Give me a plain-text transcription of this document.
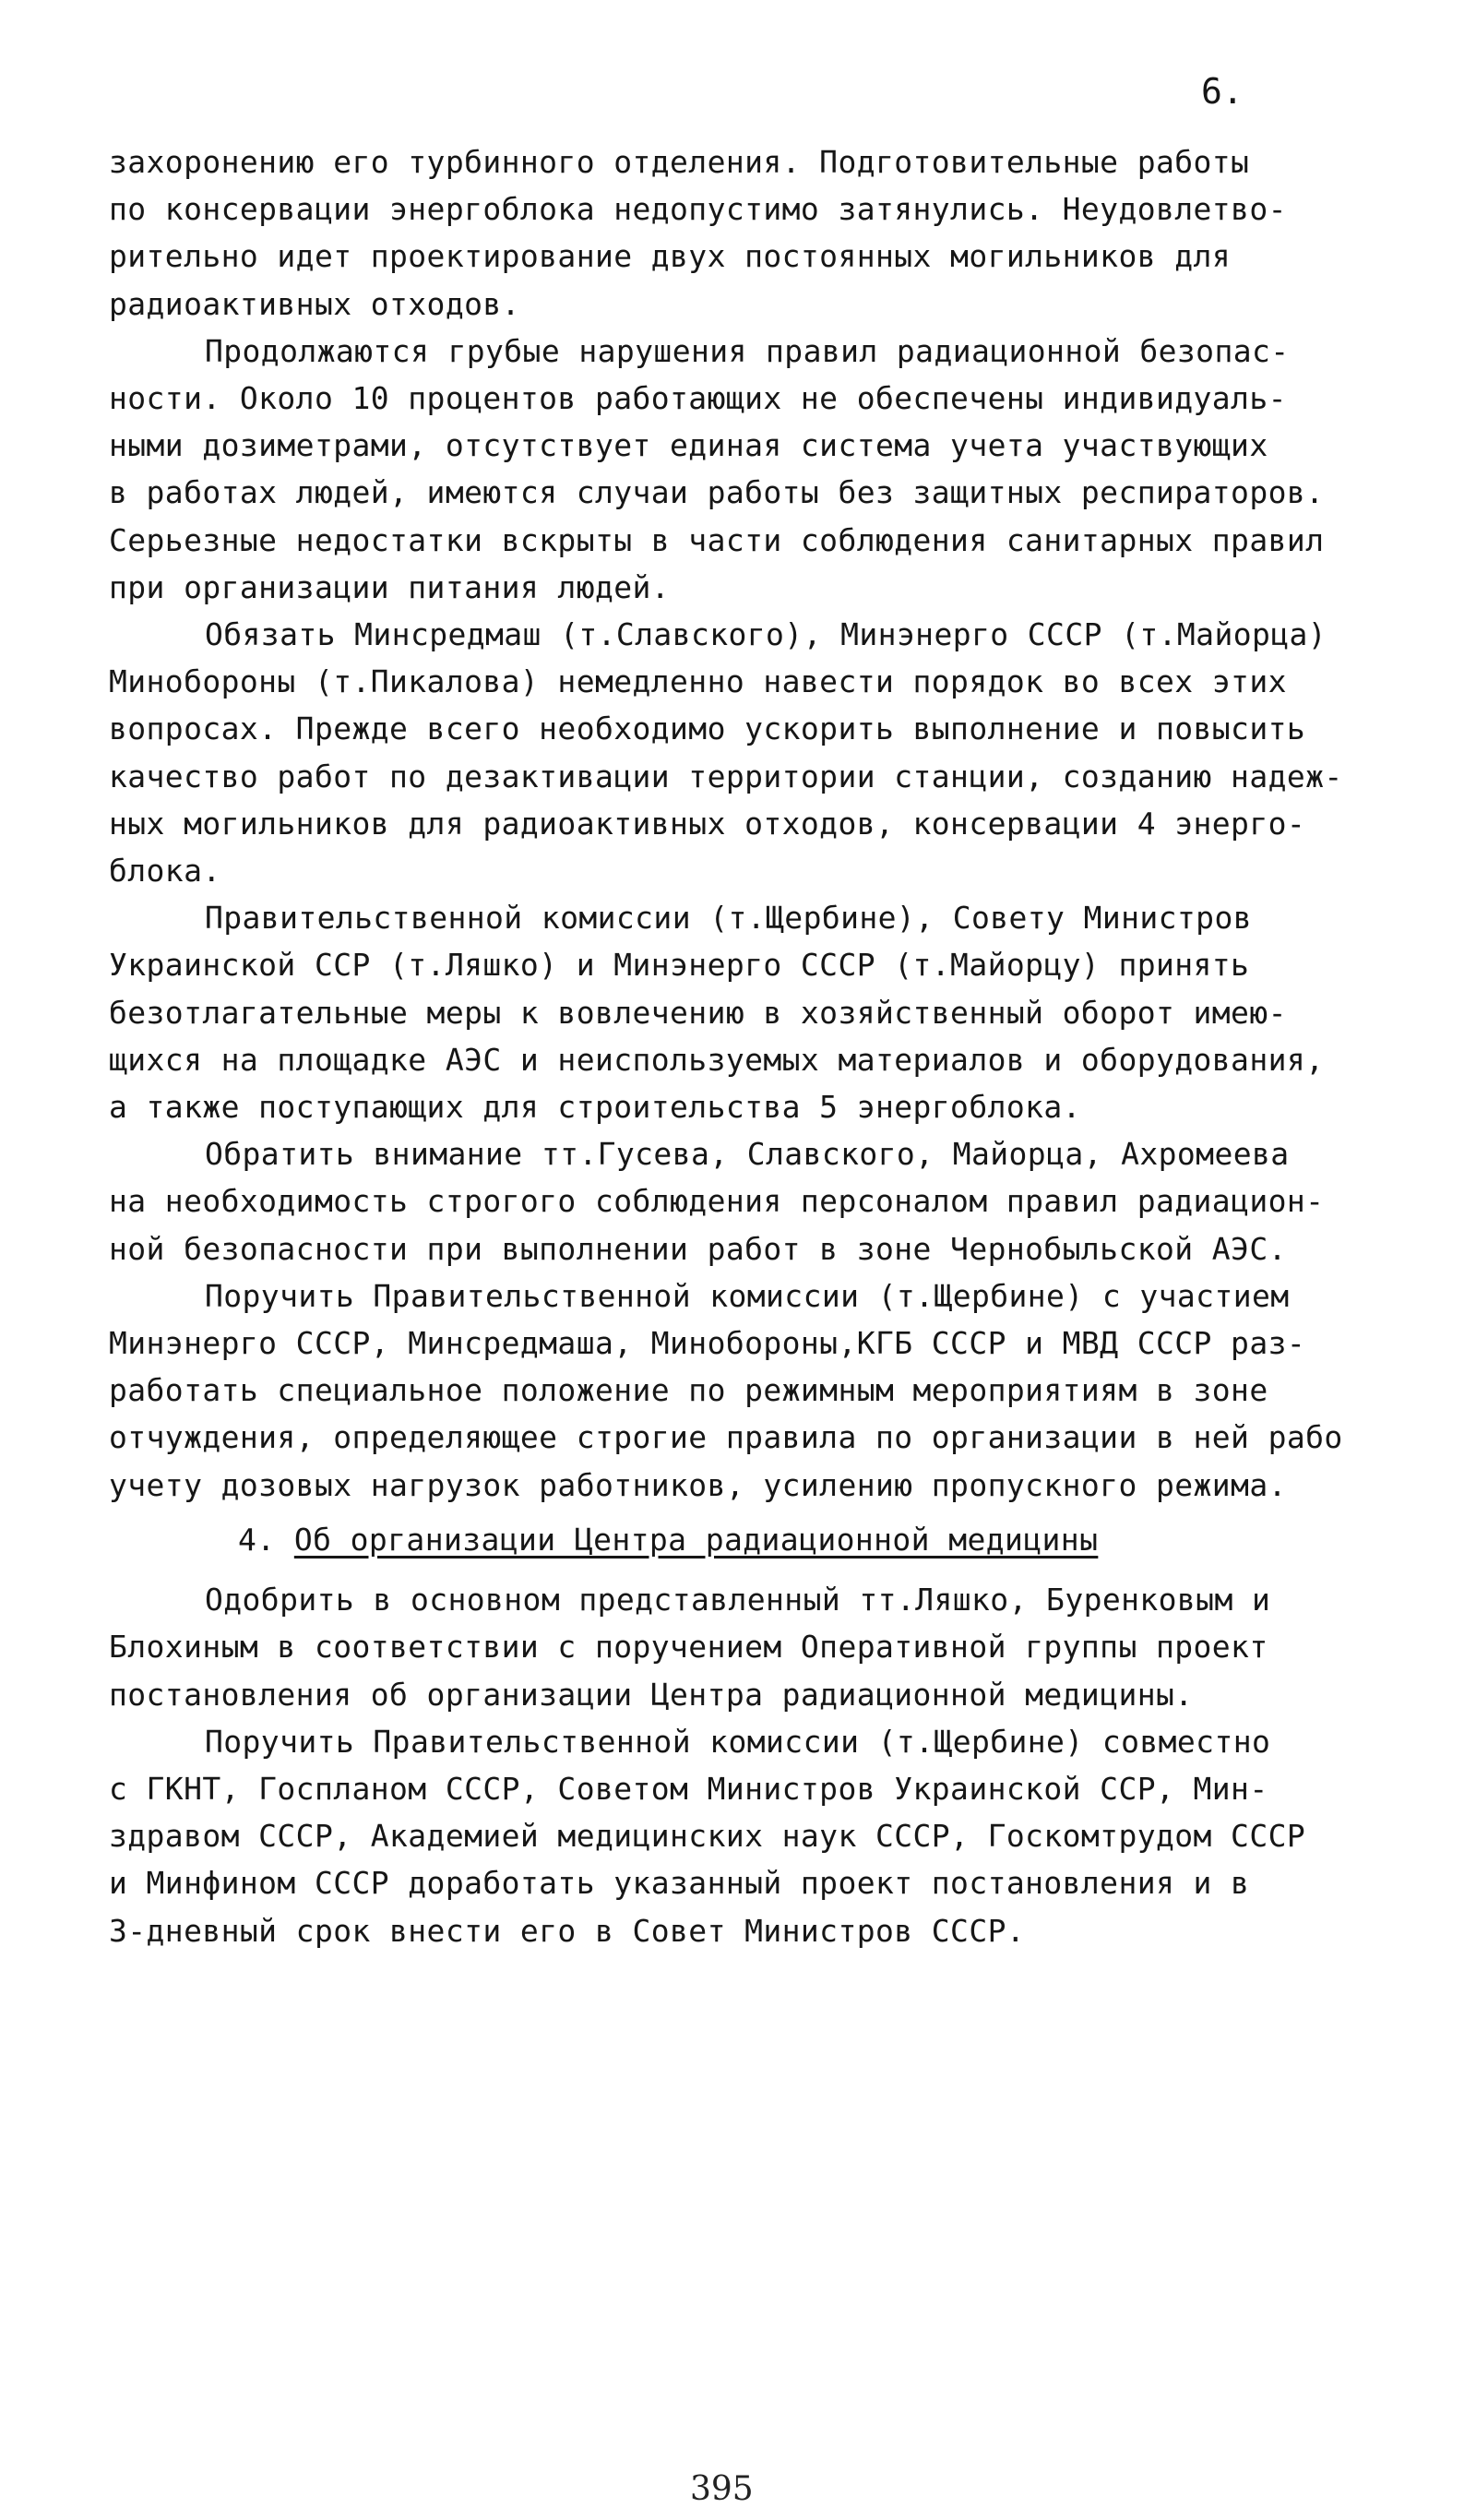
6.
захоронению его турбинного отделения. Подготовительные работы
по консервации энергоблока недопустимо затянулись. Неудовлетво-
рительно идет проектирование двух постоянных могильников для
радиоактивных отходов.
Продолжаются грубые нарушения правил радиационной безопас-
ности. Около 10 процентов работающих не обеспечены индивидуаль-
ными дозиметрами, отсутствует единая система учета участвующих
в работах людей, имеются случаи работы без защитных респираторов.
Серьезные недостатки вскрыты в части соблюдения санитарных правил
при организации питания людей.
Обязать Минсредмаш (т.Славского), Минэнерго СССР (т.Майорца)
Минобороны (т.Пикалова) немедленно навести порядок во всех этих
вопросах. Прежде всего необходимо ускорить выполнение и повысить
качество работ по дезактивации территории станции, созданию надеж-
ных могильников для радиоактивных отходов, консервации 4 энерго-
блока.
Правительственной комиссии (т.Щербине), Совету Министров
Украинской ССР (т.Ляшко) и Минэнерго СССР (т.Майорцу) принять
безотлагательные меры к вовлечению в хозяйственный оборот имею-
щихся на площадке АЭС и неиспользуемых материалов и оборудования,
а также поступающих для строительства 5 энергоблока.
Обратить внимание тт.Гусева, Славского, Майорца, Ахромеева
на необходимость строгого соблюдения персоналом правил радиацион-
ной безопасности при выполнении работ в зоне Чернобыльской АЭС.
Поручить Правительственной комиссии (т.Щербине) с участием
Минэнерго СССР, Минсредмаша, Минобороны,КГБ СССР и МВД СССР раз-
работать специальное положение по режимным мероприятиям в зоне
отчуждения, определяющее строгие правила по организации в ней рабо
учету дозовых нагрузок работников, усилению пропускного режима.
4. Об организации Центра радиационной медицины
Одобрить в основном представленный тт.Ляшко, Буренковым и
Блохиным в соответствии с поручением Оперативной группы проект
постановления об организации Центра радиационной медицины.
Поручить Правительственной комиссии (т.Щербине) совместно
с ГКНТ, Госпланом СССР, Советом Министров Украинской ССР, Мин-
здравом СССР, Академией медицинских наук СССР, Госкомтрудом СССР
и Минфином СССР доработать указанный проект постановления и в
3-дневный срок внести его в Совет Министров СССР.
395
